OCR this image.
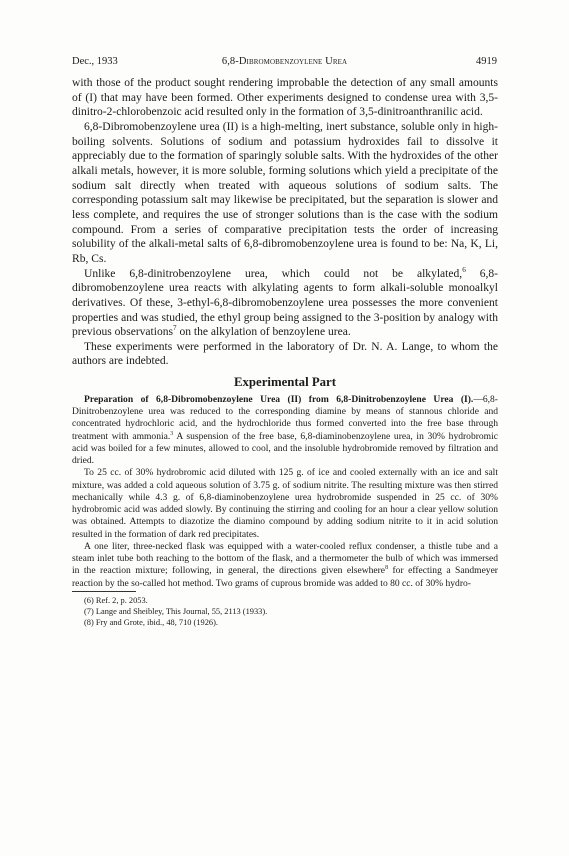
Dec., 1933	6,8-Dibromobenzoylene Urea	4919

with those of the product sought rendering improbable the detection of any small amounts of (I) that may have been formed. Other experiments designed to condense urea with 3,5-dinitro-2-chlorobenzoic acid resulted only in the formation of 3,5-dinitroanthranilic acid.

6,8-Dibromobenzoylene urea (II) is a high-melting, inert substance, soluble only in high-boiling solvents. Solutions of sodium and potassium hydroxides fail to dissolve it appreciably due to the formation of sparingly soluble salts. With the hydroxides of the other alkali metals, however, it is more soluble, forming solutions which yield a precipitate of the sodium salt directly when treated with aqueous solutions of sodium salts. The corresponding potassium salt may likewise be precipitated, but the separation is slower and less complete, and requires the use of stronger solutions than is the case with the sodium compound. From a series of comparative precipitation tests the order of increasing solubility of the alkali-metal salts of 6,8-dibromobenzoylene urea is found to be: Na, K, Li, Rb, Cs.

Unlike 6,8-dinitrobenzoylene urea, which could not be alkylated,$^6$ 6,8-dibromobenzoylene urea reacts with alkylating agents to form alkali-soluble monoalkyl derivatives. Of these, 3-ethyl-6,8-dibromobenzoylene urea possesses the more convenient properties and was studied, the ethyl group being assigned to the 3-position by analogy with previous observations$^7$ on the alkylation of benzoylene urea.

These experiments were performed in the laboratory of Dr. N. A. Lange, to whom the authors are indebted.

Experimental Part

Preparation of 6,8-Dibromobenzoylene Urea (II) from 6,8-Dinitrobenzoylene Urea (I).—6,8-Dinitrobenzoylene urea was reduced to the corresponding diamine by means of stannous chloride and concentrated hydrochloric acid, and the hydrochloride thus formed converted into the free base through treatment with ammonia.$^3$ A suspension of the free base, 6,8-diaminobenzoylene urea, in 30% hydrobromic acid was boiled for a few minutes, allowed to cool, and the insoluble hydrobromide removed by filtration and dried.

To 25 cc. of 30% hydrobromic acid diluted with 125 g. of ice and cooled externally with an ice and salt mixture, was added a cold aqueous solution of 3.75 g. of sodium nitrite. The resulting mixture was then stirred mechanically while 4.3 g. of 6,8-diaminobenzoylene urea hydrobromide suspended in 25 cc. of 30% hydrobromic acid was added slowly. By continuing the stirring and cooling for an hour a clear yellow solution was obtained. Attempts to diazotize the diamino compound by adding sodium nitrite to it in acid solution resulted in the formation of dark red precipitates.

A one liter, three-necked flask was equipped with a water-cooled reflux condenser, a thistle tube and a steam inlet tube both reaching to the bottom of the flask, and a thermometer the bulb of which was immersed in the reaction mixture; following, in general, the directions given elsewhere$^8$ for effecting a Sandmeyer reaction by the so-called hot method. Two grams of cuprous bromide was added to 80 cc. of 30% hydro-

(6) Ref. 2, p. 2053.
(7) Lange and Sheibley, This Journal, 55, 2113 (1933).
(8) Fry and Grote, ibid., 48, 710 (1926).
